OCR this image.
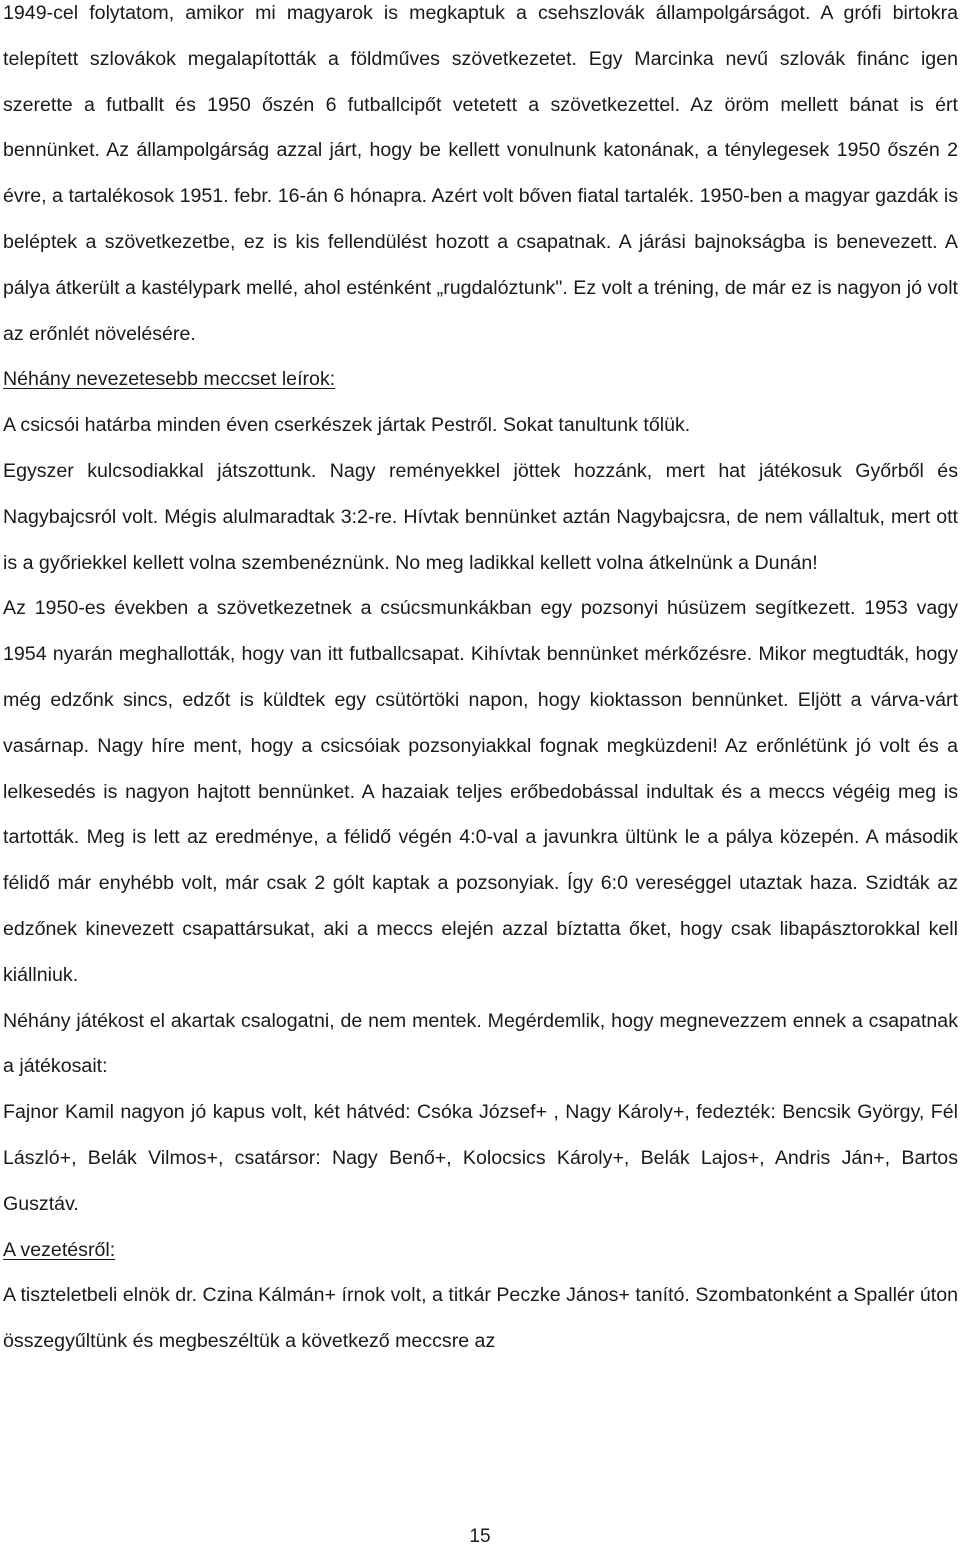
1949-cel folytatom, amikor mi magyarok is megkaptuk a csehszlovák állampolgárságot. A grófi birtokra telepített szlovákok megalapították a földműves szövetkezetet. Egy Marcinka nevű szlovák finánc igen szerette a futballt és 1950 őszén 6 futballcipőt vetetett a szövetkezettel. Az öröm mellett bánat is ért bennünket. Az állampolgárság azzal járt, hogy be kellett vonulnunk katonának, a ténylegesek 1950 őszén 2 évre, a tartalékosok 1951. febr. 16-án 6 hónapra. Azért volt bőven fiatal tartalék. 1950-ben a magyar gazdák is beléptek a szövetkezetbe, ez is kis fellendülést hozott a csapatnak. A járási bajnokságba is benevezett. A pálya átkerült a kastélypark mellé, ahol esténként „rugdalóztunk". Ez volt a tréning, de már ez is nagyon jó volt az erőnlét növelésére.

Néhány nevezetesebb meccset leírok:

A csicsói határba minden éven cserkészek jártak Pestről. Sokat tanultunk tőlük.

Egyszer kulcsodiakkal játszottunk. Nagy reményekkel jöttek hozzánk, mert hat játékosuk Győrből és Nagybajcsról volt. Mégis alulmaradtak 3:2-re. Hívtak bennünket aztán Nagybajcsra, de nem vállaltuk, mert ott is a győriekkel kellett volna szembenéznünk. No meg ladikkal kellett volna átkelnünk a Dunán!

Az 1950-es években a szövetkezetnek a csúcsmunkákban egy pozsonyi húsüzem segítkezett. 1953 vagy 1954 nyarán meghallották, hogy van itt futballcsapat. Kihívtak bennünket mérkőzésre. Mikor megtudták, hogy még edzőnk sincs, edzőt is küldtek egy csütörtöki napon, hogy kioktasson bennünket. Eljött a várva-várt vasárnap. Nagy híre ment, hogy a csicsóiak pozsonyiakkal fognak megküzdeni! Az erőnlétünk jó volt és a lelkesedés is nagyon hajtott bennünket. A hazaiak teljes erőbedobással indultak és a meccs végéig meg is tartották. Meg is lett az eredménye, a félidő végén 4:0-val a javunkra ültünk le a pálya közepén. A második félidő már enyhébb volt, már csak 2 gólt kaptak a pozsonyiak. Így 6:0 vereséggel utaztak haza. Szidták az edzőnek kinevezett csapattársukat, aki a meccs elején azzal bíztatta őket, hogy csak libapásztorokkal kell kiállniuk.

Néhány játékost el akartak csalogatni, de nem mentek. Megérdemlik, hogy megnevezzem ennek a csapatnak a játékosait:

Fajnor Kamil nagyon jó kapus volt, két hátvéd: Csóka József+ , Nagy Károly+, fedezték: Bencsik György, Fél László+, Belák Vilmos+, csatársor: Nagy Benő+, Kolocsics Károly+, Belák Lajos+, Andris Ján+, Bartos Gusztáv.

A vezetésről:

A tiszteletbeli elnök dr. Czina Kálmán+ írnok volt, a titkár Peczke János+ tanító. Szombatonként a Spallér úton összegyűltünk és megbeszéltük a következő meccsre az

15
